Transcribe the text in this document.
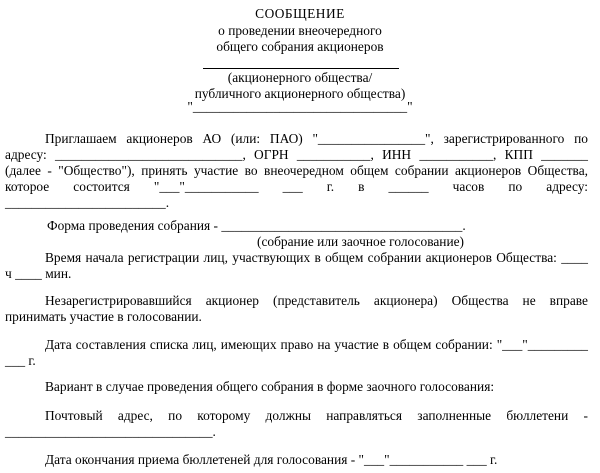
СООБЩЕНИЕ
о проведении внеочередного
общего собрания акционеров
(акционерного общества/
публичного акционерного общества)
"________________________________"
Приглашаем акционеров АО (или: ПАО) "________________", зарегистрированного по
адресу: ____________________________, ОГРН ___________, ИНН ___________, КПП _______
(далее - "Общество"), принять участие во внеочередном общем собрании акционеров Общества,
которое состоится "___"___________ ___ г. в ______ часов по адресу:
________________________.
Форма проведения собрания - ____________________________________.
(собрание или заочное голосование)
Время начала регистрации лиц, участвующих в общем собрании акционеров Общества: ____
ч ____ мин.
Незарегистрировавшийся акционер (представитель акционера) Общества не вправе
принимать участие в голосовании.
Дата составления списка лиц, имеющих право на участие в общем собрании: "___"_________
___ г.
Вариант в случае проведения общего собрания в форме заочного голосования:
Почтовый адрес, по которому должны направляться заполненные бюллетени -
_______________________________.
Дата окончания приема бюллетеней для голосования - "___"___________ ___ г.
